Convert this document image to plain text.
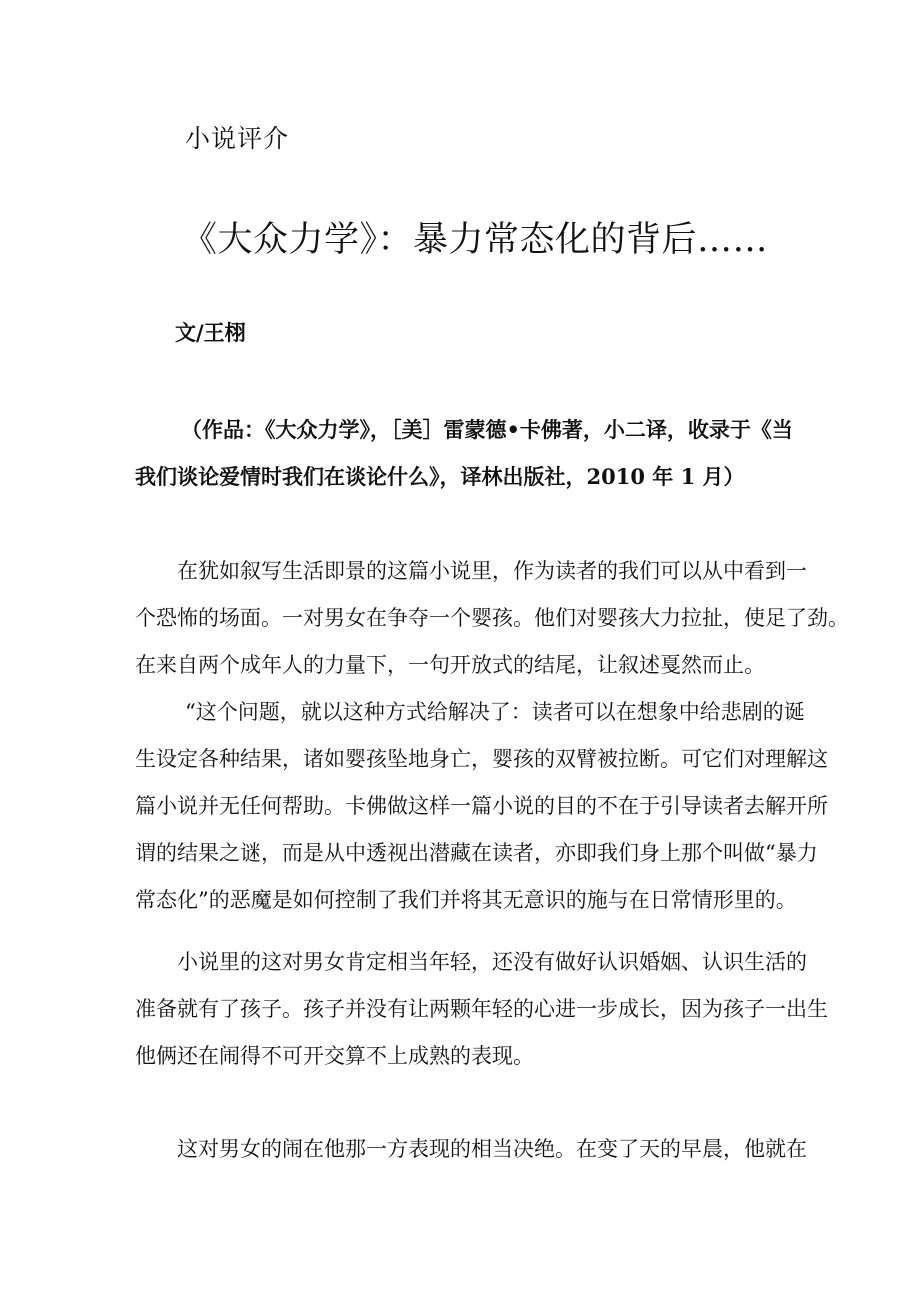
小说评介
《大众力学》：暴力常态化的背后……
文/王栩
（作品：《大众力学》，［美］雷蒙德•卡佛著，小二译，收录于《当
我们谈论爱情时我们在谈论什么》，译林出版社，2010 年 1 月）
在犹如叙写生活即景的这篇小说里，作为读者的我们可以从中看到一
个恐怖的场面。一对男女在争夺一个婴孩。他们对婴孩大力拉扯，使足了劲。
在来自两个成年人的力量下，一句开放式的结尾，让叙述戛然而止。
“这个问题，就以这种方式给解决了：读者可以在想象中给悲剧的诞
生设定各种结果，诸如婴孩坠地身亡，婴孩的双臂被拉断。可它们对理解这
篇小说并无任何帮助。卡佛做这样一篇小说的目的不在于引导读者去解开所
谓的结果之谜，而是从中透视出潜藏在读者，亦即我们身上那个叫做“暴力
常态化”的恶魔是如何控制了我们并将其无意识的施与在日常情形里的。
小说里的这对男女肯定相当年轻，还没有做好认识婚姻、认识生活的
准备就有了孩子。孩子并没有让两颗年轻的心进一步成长，因为孩子一出生
他俩还在闹得不可开交算不上成熟的表现。
这对男女的闹在他那一方表现的相当决绝。在变了天的早晨，他就在
